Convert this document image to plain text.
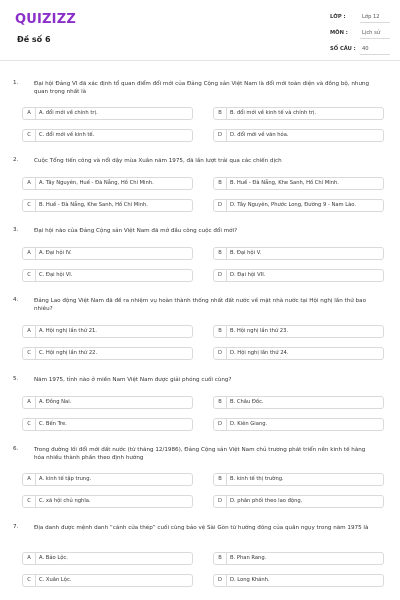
QUIZIZZ
Đề số 6
LỚP :	Lớp 12
MÔN :	Lịch sử
SỐ CÂU : 40
1.	Đại hội Đảng VI đã xác định tổ quan điểm đổi mới của Đảng Cộng sản Việt Nam là đổi mới toàn diện và đồng bộ, nhưng quan trọng nhất là
A	A. đổi mới về chính trị.	B	B. đổi mới về kinh tế và chính trị.
C	C. đổi mới về kinh tế.	D	D. đổi mới về văn hóa.
2.	Cuộc Tổng tiến công và nổi dậy mùa Xuân năm 1975, đã lần lượt trải qua các chiến dịch
A	A. Tây Nguyên, Huế - Đà Nẵng, Hồ Chí Minh.	B	B. Huế - Đà Nẵng, Khe Sanh, Hồ Chí Minh.
C	B. Huế - Đà Nẵng, Khe Sanh, Hồ Chí Minh.	D	D. Tây Nguyên, Phước Long, Đường 9 - Nam Lào.
3.	Đại hội nào của Đảng Cộng sản Việt Nam đã mở đầu công cuộc đổi mới?
A	A. Đại hội IV.	B	B. Đại hội V.
C	C. Đại hội VI.	D	D. Đại hội VII.
4.	Đảng Lao động Việt Nam đã đề ra nhiệm vụ hoàn thành thống nhất đất nước về mặt nhà nước tại Hội nghị lần thứ bao nhiêu?
A	A. Hội nghị lần thứ 21.	B	B. Hội nghị lần thứ 23.
C	C. Hội nghị lần thứ 22.	D	D. Hội nghị lần thứ 24.
5.	Năm 1975, tỉnh nào ở miền Nam Việt Nam được giải phóng cuối cùng?
A	A. Đồng Nai.	B	B. Châu Đốc.
C	C. Bến Tre.	D	D. Kiên Giang.
6.	Trong đường lối đổi mới đất nước (từ tháng 12/1986), Đảng Cộng sản Việt Nam chủ trương phát triển nền kinh tế hàng hóa nhiều thành phần theo định hướng
A	A. kinh tế tập trung.	B	B. kinh tế thị trường.
C	C. xã hội chủ nghĩa.	D	D. phân phối theo lao động.
7.	Địa danh được mệnh danh “cánh cửa thép” cuối cùng bảo vệ Sài Gòn từ hướng đông của quân ngụy trong năm 1975 là
A	A. Bảo Lộc.	B	B. Phan Rang.
C	C. Xuân Lộc.	D	D. Long Khánh.
